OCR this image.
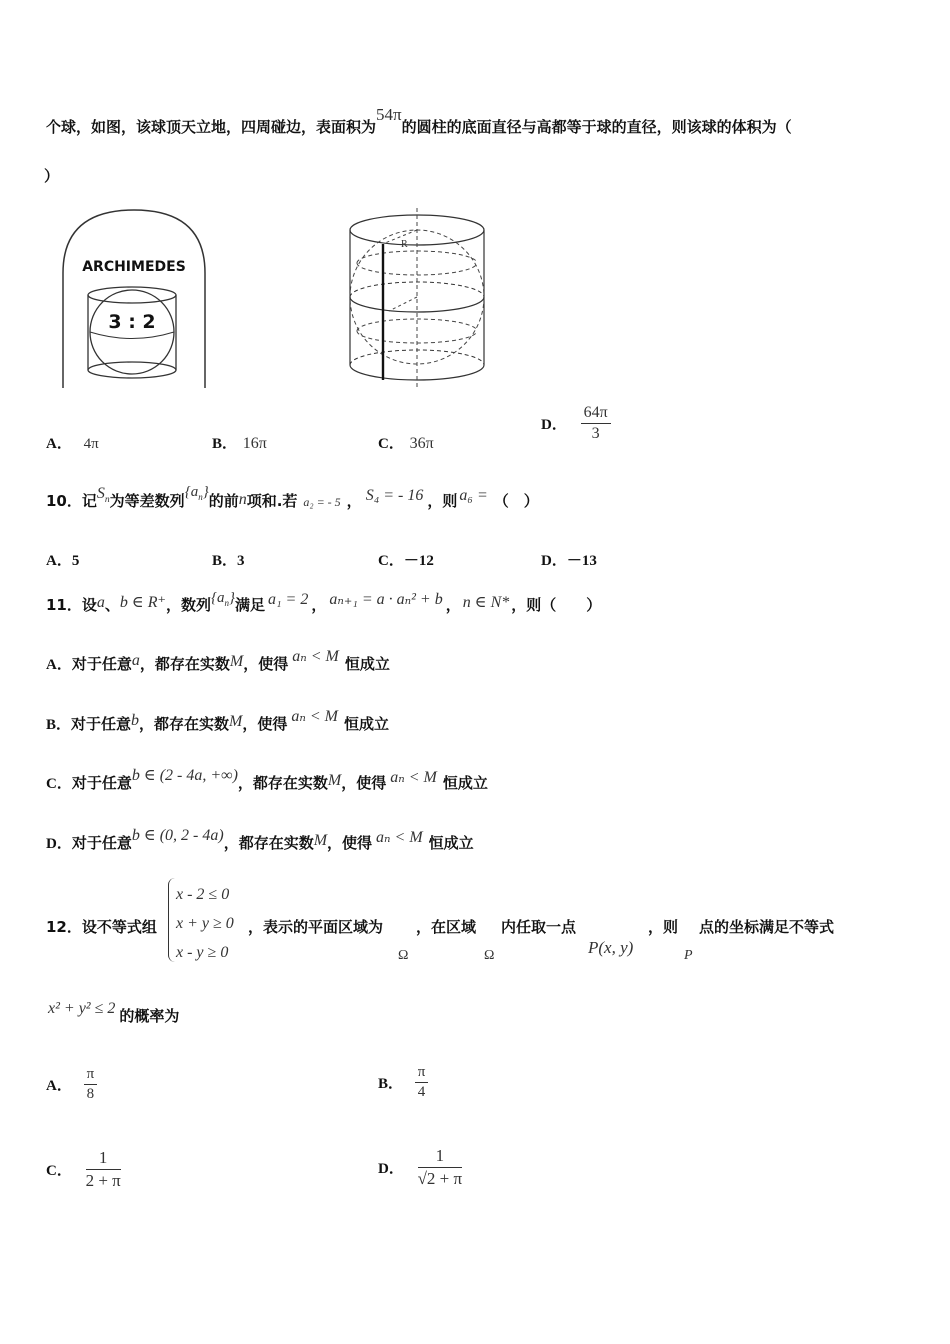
个球，如图，该球顶天立地，四周碰边，表面积为54π的圆柱的底面直径与高都等于球的直径，则该球的体积为（
）
ARCHIMEDES
3 : 2
R
A． 4π	B． 16π	C． 36π
D． $\frac{64\pi}{3}$
10．记$S_n$为等差数列$\{a_n\}$的前n项和.若 a₂ = - 5 ， S₄ = - 16 ，则 a₆ = （　）
A．5	B．3	C．－12	D．－13
11．设a、b ∈ R⁺，数列$\{a_n\}$满足 a₁ = 2 ， aₙ₊₁ = a · aₙ² + b ， n ∈ N* ，则（　　）
A．对于任意a，都存在实数M，使得 aₙ < M 恒成立
B．对于任意b，都存在实数M，使得 aₙ < M 恒成立
C．对于任意b ∈ (2 - 4a, +∞)，都存在实数M，使得 aₙ < M 恒成立
D．对于任意b ∈ (0, 2 - 4a)，都存在实数M，使得 aₙ < M 恒成立
12．设不等式组
x - 2 ≤ 0
x + y ≥ 0
x - y ≥ 0
，表示的平面区域为 ，在区域 内任取一点	，则 点的坐标满足不等式
Ω	Ω	P(x, y)	P
x² + y² ≤ 2 的概率为
A． $\frac{\pi}{8}$	B． $\frac{\pi}{4}$
C． $\frac{1}{2 + \pi}$	D． $\frac{1}{√2 + \pi}$
